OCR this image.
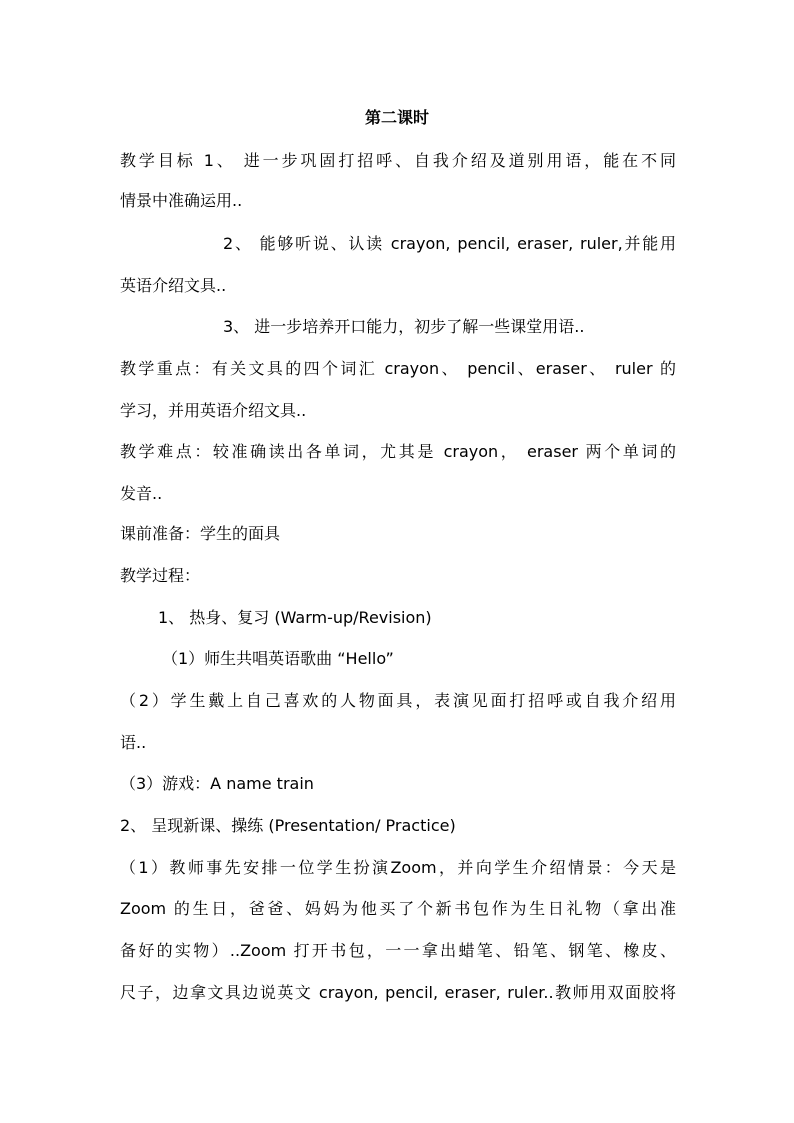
第二课时
教学目标 1、 进一步巩固打招呼、自我介绍及道别用语，能在不同
情景中准确运用..
2、 能够听说、认读 crayon, pencil, eraser, ruler,并能用
英语介绍文具..
3、 进一步培养开口能力，初步了解一些课堂用语..
教学重点：有关文具的四个词汇 crayon、 pencil、eraser、 ruler 的
学习，并用英语介绍文具..
教学难点：较准确读出各单词，尤其是 crayon， eraser 两个单词的
发音..
课前准备：学生的面具
教学过程：
1、 热身、复习 (Warm-up/Revision)
（1）师生共唱英语歌曲 “Hello”
（2）学生戴上自己喜欢的人物面具，表演见面打招呼或自我介绍用
语..
（3）游戏：A name train
2、 呈现新课、操练 (Presentation/ Practice)
（1）教师事先安排一位学生扮演Zoom，并向学生介绍情景：今天是
Zoom 的生日，爸爸、妈妈为他买了个新书包作为生日礼物（拿出准
备好的实物）..Zoom 打开书包，一一拿出蜡笔、铅笔、钢笔、橡皮、
尺子，边拿文具边说英文 crayon, pencil, eraser, ruler..教师用双面胶将
